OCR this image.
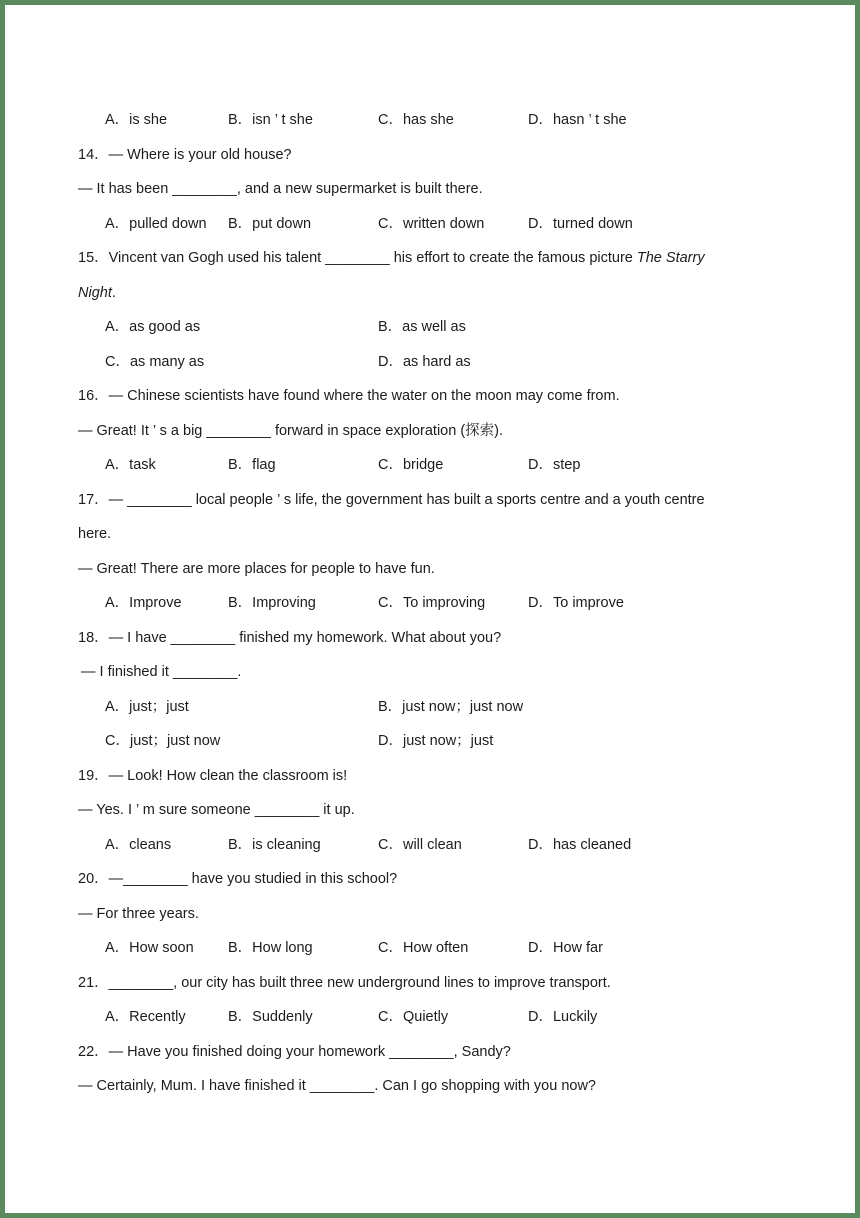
A．is she	B．isn ’ t she	C．has she	D．hasn ’ t she
14．— Where is your old house?
— It has been ________, and a new supermarket is built there.
A．pulled down B．put down	C．written down	D．turned down
15．Vincent van Gogh used his talent ________ his effort to create the famous picture The Starry
Night.
A．as good as	B．as well as
C．as many as	D．as hard as
16．— Chinese scientists have found where the water on the moon may come from.
— Great! It ’ s a big ________ forward in space exploration (探索).
A．task	B．flag	C．bridge	D．step
17．— ________ local people ’ s life, the government has built a sports centre and a youth centre
here.
— Great! There are more places for people to have fun.
A．Improve	B．Improving	C．To improving	D．To improve
18．— I have ________ finished my homework. What about you?
— I finished it ________.
A．just；just	B．just now；just now
C．just；just now	D．just now；just
19．— Look! How clean the classroom is!
— Yes. I ’ m sure someone ________ it up.
A．cleans	B．is cleaning	C．will clean	D．has cleaned
20．—________ have you studied in this school?
— For three years.
A．How soon B．How long	C．How often	D．How far
21．________, our city has built three new underground lines to improve transport.
A．Recently	B．Suddenly	C．Quietly	D．Luckily
22．— Have you finished doing your homework ________, Sandy?
— Certainly, Mum. I have finished it ________. Can I go shopping with you now?
